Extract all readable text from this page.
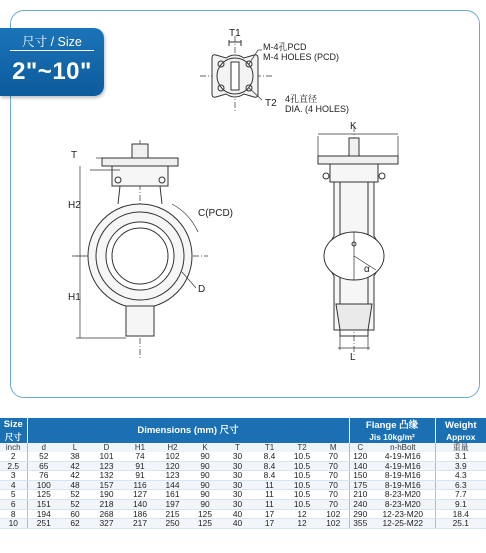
尺寸 / Size
2"~10"
T1
M-4孔PCD
M-4 HOLES (PCD)
T2 4孔直径
DIA. (4 HOLES)
T
H2
H1
C(PCD)
D
K
α
L
Size	Dimensions (mm) 尺寸										Flange 凸缘		Weight
尺寸											Jis 10kg/m²		Approx
inch	d	L	D	H1	H2	K	T	T1	T2	M	C	n-hBolt	重量
2	52	38	101	74	102	90	30	8.4	10.5	70	120	4-19-M16	3.1
2.5	65	42	123	91	120	90	30	8.4	10.5	70	140	4-19-M16	3.9
3	76	42	132	91	123	90	30	8.4	10.5	70	150	8-19-M16	4.3
4	100	48	157	116	144	90	30	11	10.5	70	175	8-19-M16	6.3
5	125	52	190	127	161	90	30	11	10.5	70	210	8-23-M20	7.7
6	151	52	218	140	197	90	30	11	10.5	70	240	8-23-M20	9.1
8	194	60	268	186	215	125	40	17	12	102	290	12-23-M20	18.4
10	251	62	327	217	250	125	40	17	12	102	355	12-25-M22	25.1
